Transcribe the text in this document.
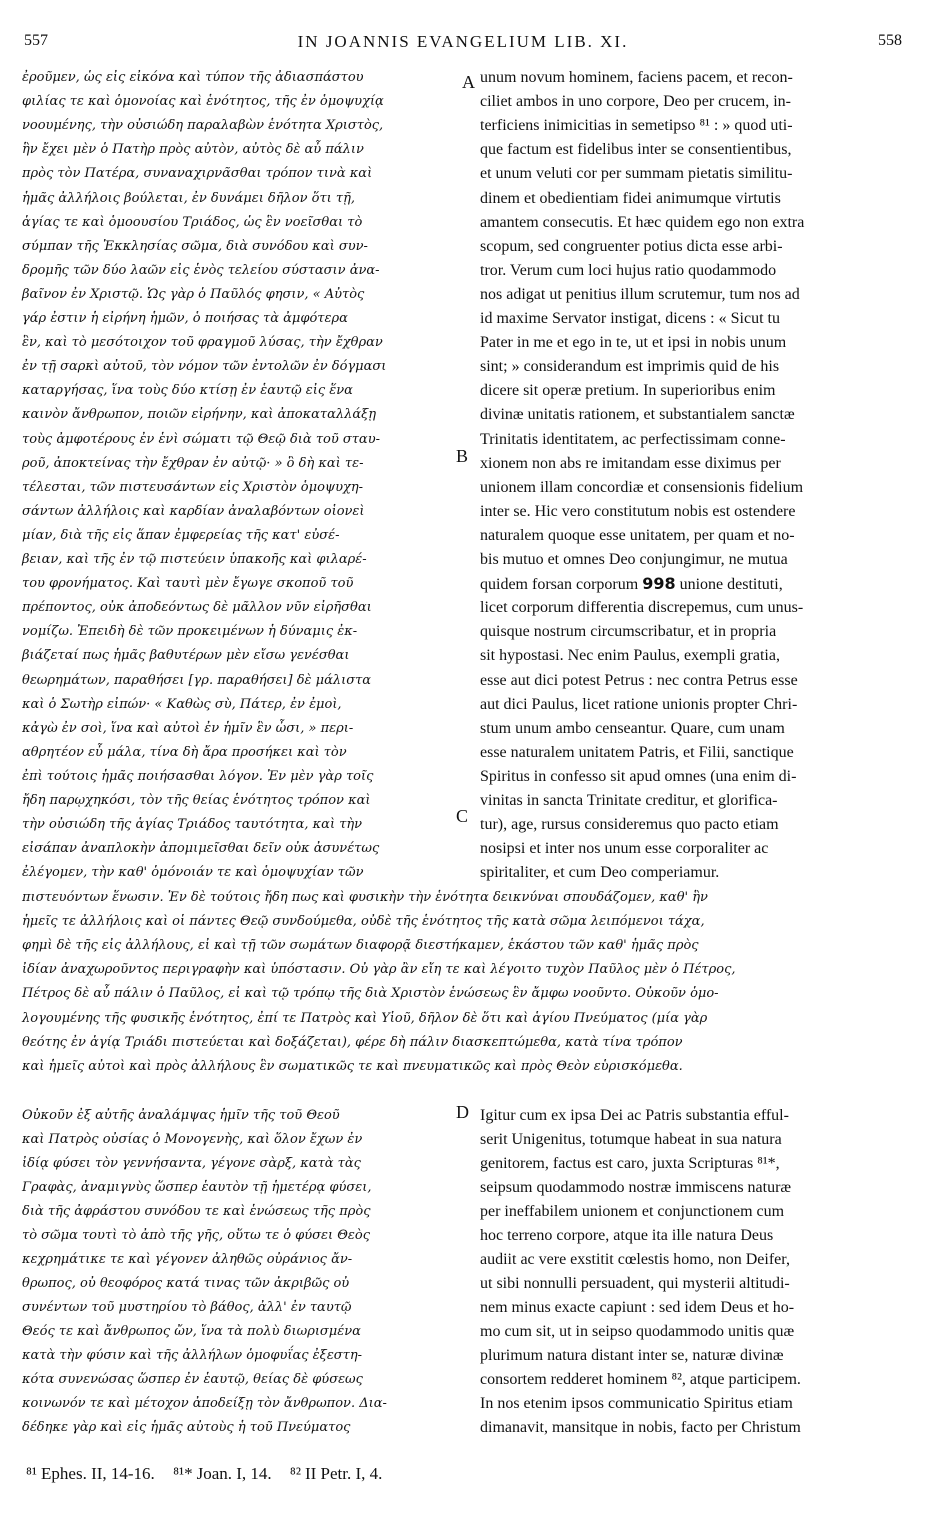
557	IN JOANNIS EVANGELIUM LIB. XI.	558
ἐροῦμεν, ὡς εἰς εἰκόνα καὶ τύπον τῆς ἀδιασπάστου
φιλίας τε καὶ ὁμονοίας καὶ ἑνότητος, τῆς ἐν ὁμοψυχίᾳ
νοουμένης, τὴν οὐσιώδη παραλαβὼν ἑνότητα Χριστὸς,
ἣν ἔχει μὲν ὁ Πατὴρ πρὸς αὐτὸν, αὐτὸς δὲ αὖ πάλιν
πρὸς τὸν Πατέρα, συναναχιρνᾶσθαι τρόπον τινὰ καὶ
ἡμᾶς ἀλλήλοις βούλεται, ἐν δυνάμει δῆλον ὅτι τῇ,
ἁγίας τε καὶ ὁμοουσίου Τριάδος, ὡς ἓν νοεῖσθαι τὸ
σύμπαν τῆς Ἐκκλησίας σῶμα, διὰ συνόδου καὶ συν-
δρομῆς τῶν δύο λαῶν εἰς ἑνὸς τελείου σύστασιν ἀνα-
βαῖνον ἐν Χριστῷ. Ὡς γὰρ ὁ Παῦλός φησιν, « Αὐτὸς
γάρ ἐστιν ἡ εἰρήνη ἡμῶν, ὁ ποιήσας τὰ ἀμφότερα
ἓν, καὶ τὸ μεσότοιχον τοῦ φραγμοῦ λύσας, τὴν ἔχθραν
ἐν τῇ σαρκὶ αὐτοῦ, τὸν νόμον τῶν ἐντολῶν ἐν δόγμασι
καταργήσας, ἵνα τοὺς δύο κτίσῃ ἐν ἑαυτῷ εἰς ἕνα
καινὸν ἄνθρωπον, ποιῶν εἰρήνην, καὶ ἀποκαταλλάξῃ
τοὺς ἀμφοτέρους ἐν ἑνὶ σώματι τῷ Θεῷ διὰ τοῦ σταυ-
ροῦ, ἀποκτείνας τὴν ἔχθραν ἐν αὐτῷ· » ὃ δὴ καὶ τε-
τέλεσται, τῶν πιστευσάντων εἰς Χριστὸν ὁμοψυχη-
σάντων ἀλλήλοις καὶ καρδίαν ἀναλαβόντων οἱονεὶ
μίαν, διὰ τῆς εἰς ἅπαν ἐμφερείας τῆς κατ' εὐσέ-
βειαν, καὶ τῆς ἐν τῷ πιστεύειν ὑπακοῆς καὶ φιλαρέ-
του φρονήματος. Καὶ ταυτὶ μὲν ἔγωγε σκοποῦ τοῦ
πρέποντος, οὐκ ἀποδεόντως δὲ μᾶλλον νῦν εἰρῆσθαι
νομίζω. Ἐπειδὴ δὲ τῶν προκειμένων ἡ δύναμις ἐκ-
βιάζεταί πως ἡμᾶς βαθυτέρων μὲν εἴσω γενέσθαι
θεωρημάτων, παραθήσει [γρ. παραθήσει] δὲ μάλιστα
καὶ ὁ Σωτὴρ εἰπών· « Καθὼς σὺ, Πάτερ, ἐν ἐμοὶ,
κἀγὼ ἐν σοὶ, ἵνα καὶ αὐτοὶ ἐν ἡμῖν ἓν ὦσι, » περι-
αθρητέον εὖ μάλα, τίνα δὴ ἄρα προσήκει καὶ τὸν
ἐπὶ τούτοις ἡμᾶς ποιήσασθαι λόγον. Ἐν μὲν γὰρ τοῖς
ἤδη παρῳχηκόσι, τὸν τῆς θείας ἑνότητος τρόπον καὶ
τὴν οὐσιώδη τῆς ἁγίας Τριάδος ταυτότητα, καὶ τὴν
εἰσάπαν ἀναπλοκὴν ἀπομιμεῖσθαι δεῖν οὐκ ἀσυνέτως
ἐλέγομεν, τὴν καθ' ὁμόνοιάν τε καὶ ὁμοψυχίαν τῶν
unum novum hominem, faciens pacem, et recon-
ciliet ambos in uno corpore, Deo per crucem, in-
terficiens inimicitias in semetipso ⁸¹ : » quod uti-
que factum est fidelibus inter se consentientibus,
et unum veluti cor per summam pietatis similitu-
dinem et obedientiam fidei animumque virtutis
amantem consecutis. Et hæc quidem ego non extra
scopum, sed congruenter potius dicta esse arbi-
tror. Verum cum loci hujus ratio quodammodo
nos adigat ut penitius illum scrutemur, tum nos ad
id maxime Servator instigat, dicens : « Sicut tu
Pater in me et ego in te, ut et ipsi in nobis unum
sint; » considerandum est imprimis quid de his
dicere sit operæ pretium. In superioribus enim
divinæ unitatis rationem, et substantialem sanctæ
Trinitatis identitatem, ac perfectissimam conne-
xionem non abs re imitandam esse diximus per
unionem illam concordiæ et consensionis fidelium
inter se. Hic vero constitutum nobis est ostendere
naturalem quoque esse unitatem, per quam et no-
bis mutuo et omnes Deo conjungimur, ne mutua
quidem forsan corporum 998 unione destituti,
licet corporum differentia discrepemus, cum unus-
quisque nostrum circumscribatur, et in propria
sit hypostasi. Nec enim Paulus, exempli gratia,
esse aut dici potest Petrus : nec contra Petrus esse
aut dici Paulus, licet ratione unionis propter Chri-
stum unum ambo censeantur. Quare, cum unam
esse naturalem unitatem Patris, et Filii, sanctique
Spiritus in confesso sit apud omnes (una enim di-
vinitas in sancta Trinitate creditur, et glorifica-
tur), age, rursus consideremus quo pacto etiam
nosipsi et inter nos unum esse corporaliter ac
spiritaliter, et cum Deo comperiamur.
πιστευόντων ἕνωσιν. Ἐν δὲ τούτοις ἤδη πως καὶ φυσικὴν τὴν ἑνότητα δεικνύναι σπουδάζομεν, καθ' ἣν
ἡμεῖς τε ἀλλήλοις καὶ οἱ πάντες Θεῷ συνδούμεθα, οὐδὲ τῆς ἑνότητος τῆς κατὰ σῶμα λειπόμενοι τάχα,
φημὶ δὲ τῆς εἰς ἀλλήλους, εἰ καὶ τῇ τῶν σωμάτων διαφορᾷ διεστήκαμεν, ἑκάστου τῶν καθ' ἡμᾶς πρὸς
ἰδίαν ἀναχωροῦντος περιγραφὴν καὶ ὑπόστασιν. Οὐ γὰρ ἂν εἴη τε καὶ λέγοιτο τυχὸν Παῦλος μὲν ὁ Πέτρος,
Πέτρος δὲ αὖ πάλιν ὁ Παῦλος, εἰ καὶ τῷ τρόπῳ τῆς διὰ Χριστὸν ἑνώσεως ἓν ἄμφω νοοῦντο. Οὐκοῦν ὁμο-
λογουμένης τῆς φυσικῆς ἑνότητος, ἐπί τε Πατρὸς καὶ Υἱοῦ, δῆλον δὲ ὅτι καὶ ἁγίου Πνεύματος (μία γὰρ
θεότης ἐν ἁγίᾳ Τριάδι πιστεύεται καὶ δοξάζεται), φέρε δὴ πάλιν διασκεπτώμεθα, κατὰ τίνα τρόπον
καὶ ἡμεῖς αὐτοὶ καὶ πρὸς ἀλλήλους ἓν σωματικῶς τε καὶ πνευματικῶς καὶ πρὸς Θεὸν εὑρισκόμεθα.
Οὐκοῦν ἐξ αὐτῆς ἀναλάμψας ἡμῖν τῆς τοῦ Θεοῦ
καὶ Πατρὸς οὐσίας ὁ Μονογενὴς, καὶ ὅλον ἔχων ἐν
ἰδίᾳ φύσει τὸν γεννήσαντα, γέγονε σὰρξ, κατὰ τὰς
Γραφὰς, ἀναμιγνὺς ὥσπερ ἑαυτὸν τῇ ἡμετέρᾳ φύσει,
διὰ τῆς ἀφράστου συνόδου τε καὶ ἑνώσεως τῆς πρὸς
τὸ σῶμα τουτὶ τὸ ἀπὸ τῆς γῆς, οὕτω τε ὁ φύσει Θεὸς
κεχρημάτικε τε καὶ γέγονεν ἀληθῶς οὐράνιος ἄν-
θρωπος, οὐ θεοφόρος κατά τινας τῶν ἀκριβῶς οὐ
συνέντων τοῦ μυστηρίου τὸ βάθος, ἀλλ' ἐν ταυτῷ
Θεός τε καὶ ἄνθρωπος ὤν, ἵνα τὰ πολὺ διωρισμένα
κατὰ τὴν φύσιν καὶ τῆς ἀλλήλων ὁμοφυΐας ἐξεστη-
κότα συνενώσας ὥσπερ ἐν ἑαυτῷ, θείας δὲ φύσεως
κοινωνόν τε καὶ μέτοχον ἀποδείξῃ τὸν ἄνθρωπον. Δια-
δέδηκε γὰρ καὶ εἰς ἡμᾶς αὐτοὺς ἡ τοῦ Πνεύματος
Igitur cum ex ipsa Dei ac Patris substantia efful-
serit Unigenitus, totumque habeat in sua natura
genitorem, factus est caro, juxta Scripturas ⁸¹*,
seipsum quodammodo nostræ immiscens naturæ
per ineffabilem unionem et conjunctionem cum
hoc terreno corpore, atque ita ille natura Deus
audiit ac vere exstitit cœlestis homo, non Deifer,
ut sibi nonnulli persuadent, qui mysterii altitudi-
nem minus exacte capiunt : sed idem Deus et ho-
mo cum sit, ut in seipso quodammodo unitis quæ
plurimum natura distant inter se, naturæ divinæ
consortem redderet hominem ⁸², atque participem.
In nos etenim ipsos communicatio Spiritus etiam
dimanavit, mansitque in nobis, facto per Christum
A
B
C
D
⁸¹ Ephes. II, 14-16. ⁸¹* Joan. I, 14. ⁸² II Petr. I, 4.
